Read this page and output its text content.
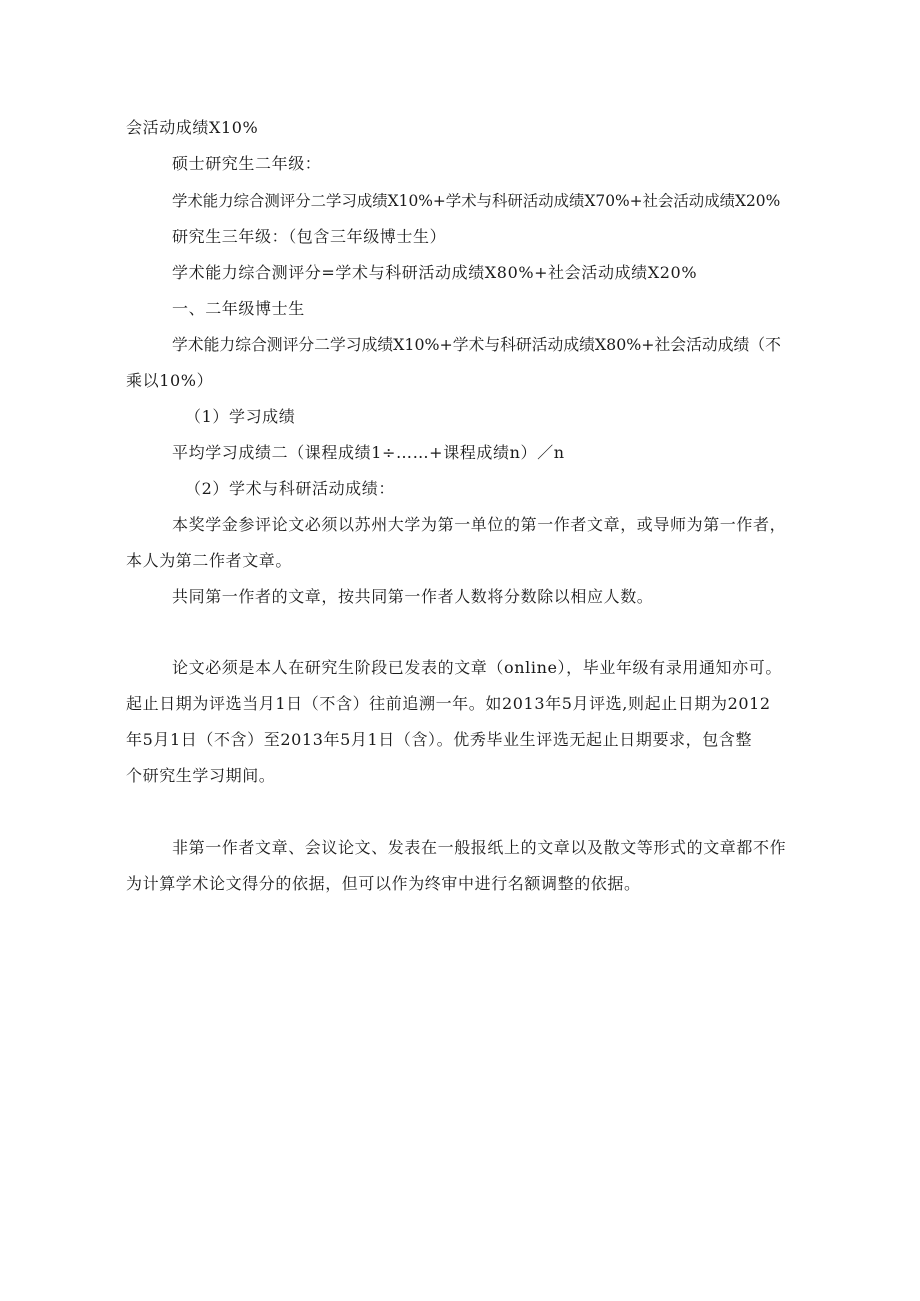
会活动成绩X10%
硕士研究生二年级：
学术能力综合测评分二学习成绩X10%+学术与科研活动成绩X70%+社会活动成绩X20%
研究生三年级：（包含三年级博士生）
学术能力综合测评分=学术与科研活动成绩X80%+社会活动成绩X20%
一、二年级博士生
学术能力综合测评分二学习成绩X10%+学术与科研活动成绩X80%+社会活动成绩（不
乘以10%）
（1）学习成绩
平均学习成绩二（课程成绩1÷……+课程成绩n）／n
（2）学术与科研活动成绩：
本奖学金参评论文必须以苏州大学为第一单位的第一作者文章，或导师为第一作者，
本人为第二作者文章。
共同第一作者的文章，按共同第一作者人数将分数除以相应人数。
论文必须是本人在研究生阶段已发表的文章（online），毕业年级有录用通知亦可。
起止日期为评选当月1日（不含）往前追溯一年。如2013年5月评选,则起止日期为2012
年5月1日（不含）至2013年5月1日（含）。优秀毕业生评选无起止日期要求，包含整
个研究生学习期间。
非第一作者文章、会议论文、发表在一般报纸上的文章以及散文等形式的文章都不作
为计算学术论文得分的依据，但可以作为终审中进行名额调整的依据。
